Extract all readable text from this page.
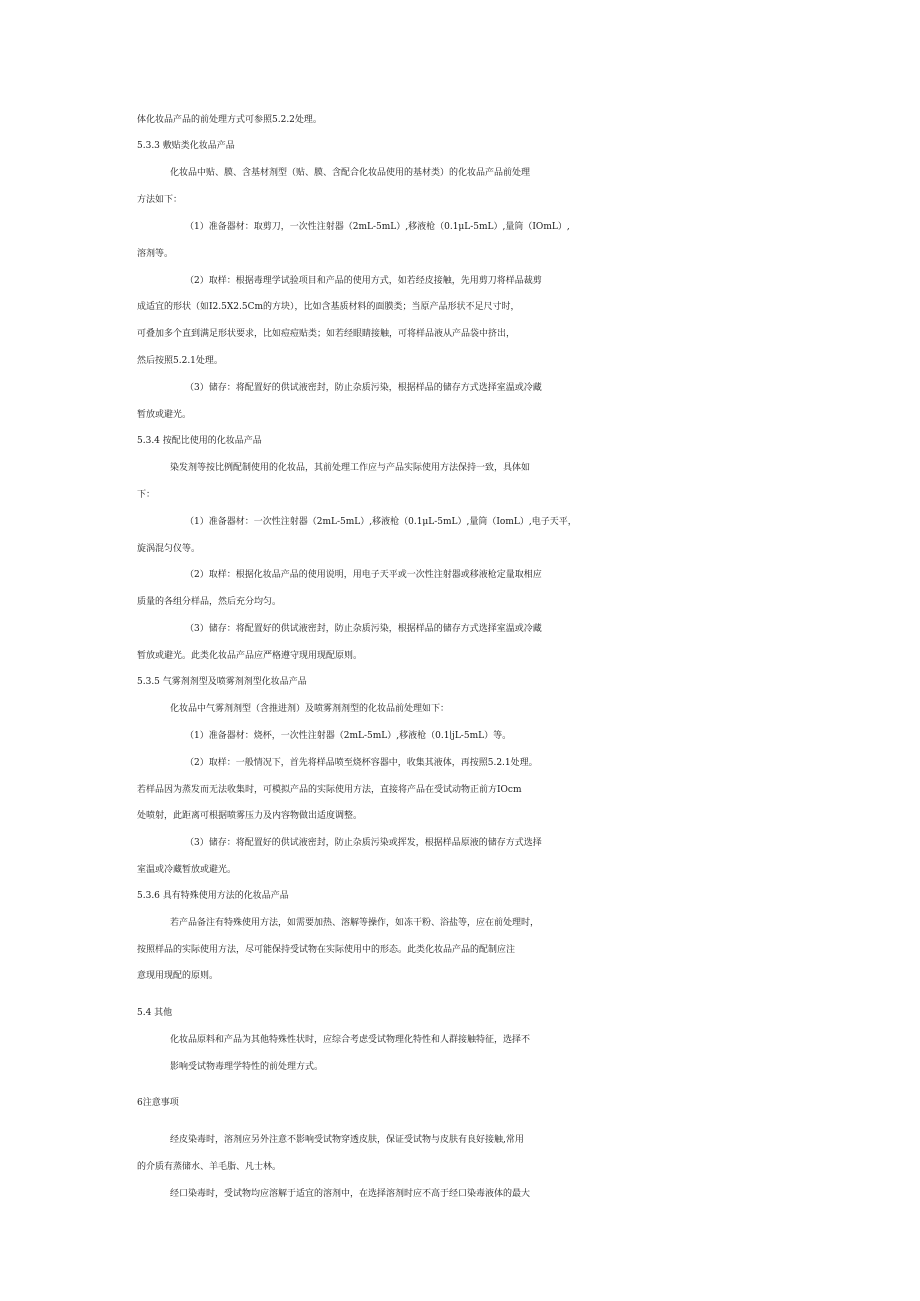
体化妆品产品的前处理方式可参照5.2.2处理。
5.3.3 敷贴类化妆品产品
化妆品中贴、膜、含基材剂型（贴、膜、含配合化妆品使用的基材类）的化妆品产品前处理
方法如下：
（1）准备器材：取剪刀，一次性注射器（2mL-5mL）,移液枪（0.1μL-5mL）,量筒（IOmL）,
溶剂等。
（2）取样：根据毒理学试验项目和产品的使用方式，如若经皮接触，先用剪刀将样品裁剪
成适宜的形状（如I2.5X2.5Cm的方块），比如含基质材料的面膜类；当原产品形状不足尺寸时，
可叠加多个直到满足形状要求，比如痘痘贴类；如若经眼睛接触，可将样品液从产品袋中挤出，
然后按照5.2.1处理。
（3）储存：将配置好的供试液密封，防止杂质污染，根据样品的储存方式选择室温或冷藏
暂放或避光。
5.3.4 按配比使用的化妆品产品
染发剂等按比例配制使用的化妆品，其前处理工作应与产品实际使用方法保持一致，具体如
下：
（1）准备器材：一次性注射器（2mL-5mL）,移液枪（0.1μL-5mL）,量筒（IomL）,电子天平，
旋涡混匀仪等。
（2）取样：根据化妆品产品的使用说明，用电子天平或一次性注射器或移液枪定量取相应
质量的各组分样品，然后充分均匀。
（3）储存：将配置好的供试液密封，防止杂质污染，根据样品的储存方式选择室温或冷藏
暂放或避光。此类化妆品产品应严格遵守现用现配原则。
5.3.5 气雾剂剂型及喷雾剂剂型化妆品产品
化妆品中气雾剂剂型（含推进剂）及喷雾剂剂型的化妆品前处理如下：
（1）准备器材：烧杯，一次性注射器（2mL-5mL）,移液枪（0.1∣jL-5mL）等。
（2）取样：一般情况下，首先将样品喷至烧杯容器中，收集其液体，再按照5.2.1处理。
若样品因为蒸发而无法收集时，可模拟产品的实际使用方法，直接将产品在受试动物正前方IOcm
处喷射，此距离可根据喷雾压力及内容物做出适度调整。
（3）储存：将配置好的供试液密封，防止杂质污染或挥发，根据样品原液的储存方式选择
室温或冷藏暂放或避光。
5.3.6 具有特殊使用方法的化妆品产品
若产品备注有特殊使用方法，如需要加热、溶解等操作，如冻干粉、浴盐等，应在前处理时，
按照样品的实际使用方法，尽可能保持受试物在实际使用中的形态。此类化妆品产品的配制应注
意现用现配的原则。
5.4 其他
化妆品原料和产品为其他特殊性状时，应综合考虑受试物理化特性和人群接触特征，选择不
影响受试物毒理学特性的前处理方式。
6注意事项
经皮染毒时，溶剂应另外注意不影响受试物穿透皮肤，保证受试物与皮肤有良好接触,常用
的介质有蒸储水、羊毛脂、凡士林。
经口染毒时，受试物均应溶解于适宜的溶剂中，在选择溶剂时应不高于经口染毒液体的最大
